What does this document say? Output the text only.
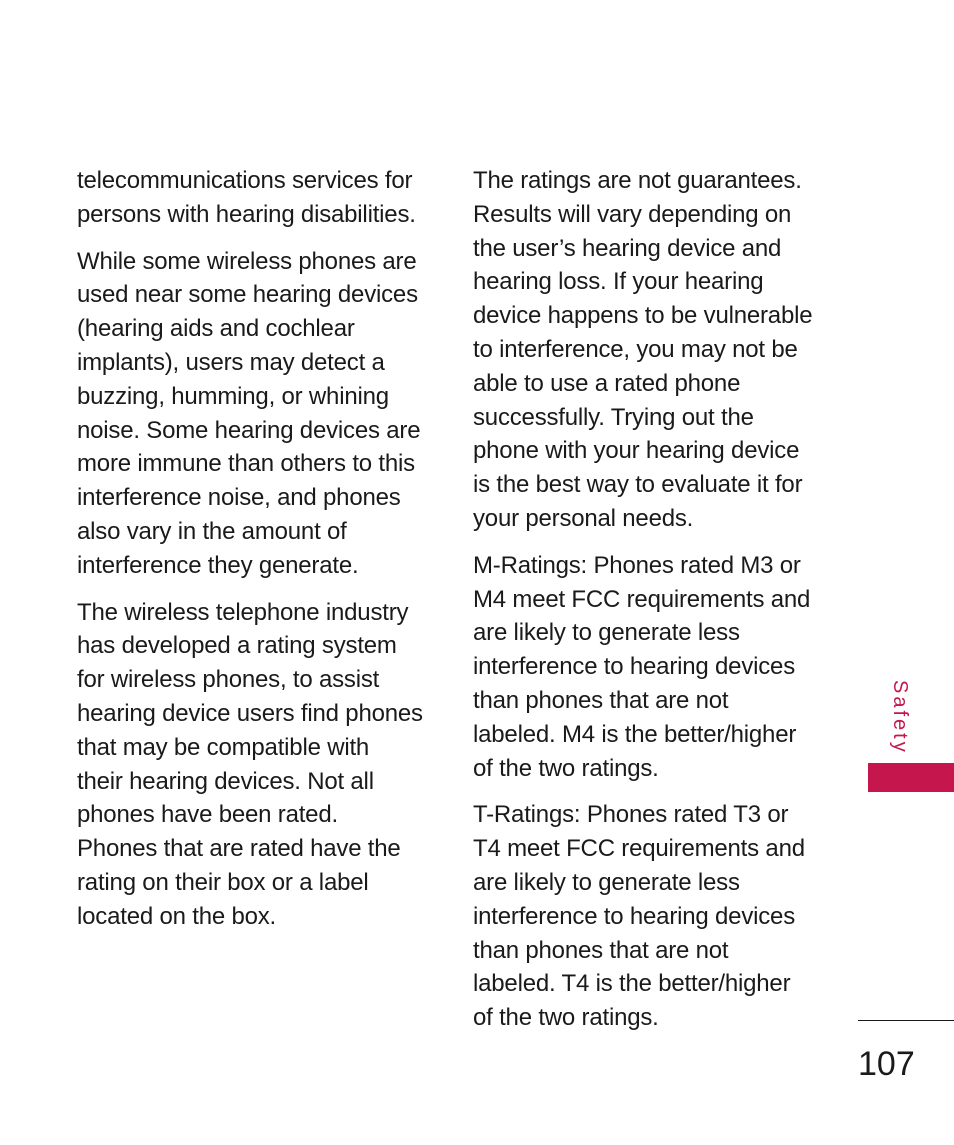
telecommunications services for
persons with hearing disabilities.

While some wireless phones are
used near some hearing devices
(hearing aids and cochlear
implants), users may detect a
buzzing, humming, or whining
noise. Some hearing devices are
more immune than others to this
interference noise, and phones
also vary in the amount of
interference they generate.

The wireless telephone industry
has developed a rating system
for wireless phones, to assist
hearing device users find phones
that may be compatible with
their hearing devices. Not all
phones have been rated.
Phones that are rated have the
rating on their box or a label
located on the box.

The ratings are not guarantees.
Results will vary depending on
the user’s hearing device and
hearing loss. If your hearing
device happens to be vulnerable
to interference, you may not be
able to use a rated phone
successfully. Trying out the
phone with your hearing device
is the best way to evaluate it for
your personal needs.

M-Ratings: Phones rated M3 or
M4 meet FCC requirements and
are likely to generate less
interference to hearing devices
than phones that are not
labeled. M4 is the better/higher
of the two ratings.

T-Ratings: Phones rated T3 or
T4 meet FCC requirements and
are likely to generate less
interference to hearing devices
than phones that are not
labeled. T4 is the better/higher
of the two ratings.

Safety
107
